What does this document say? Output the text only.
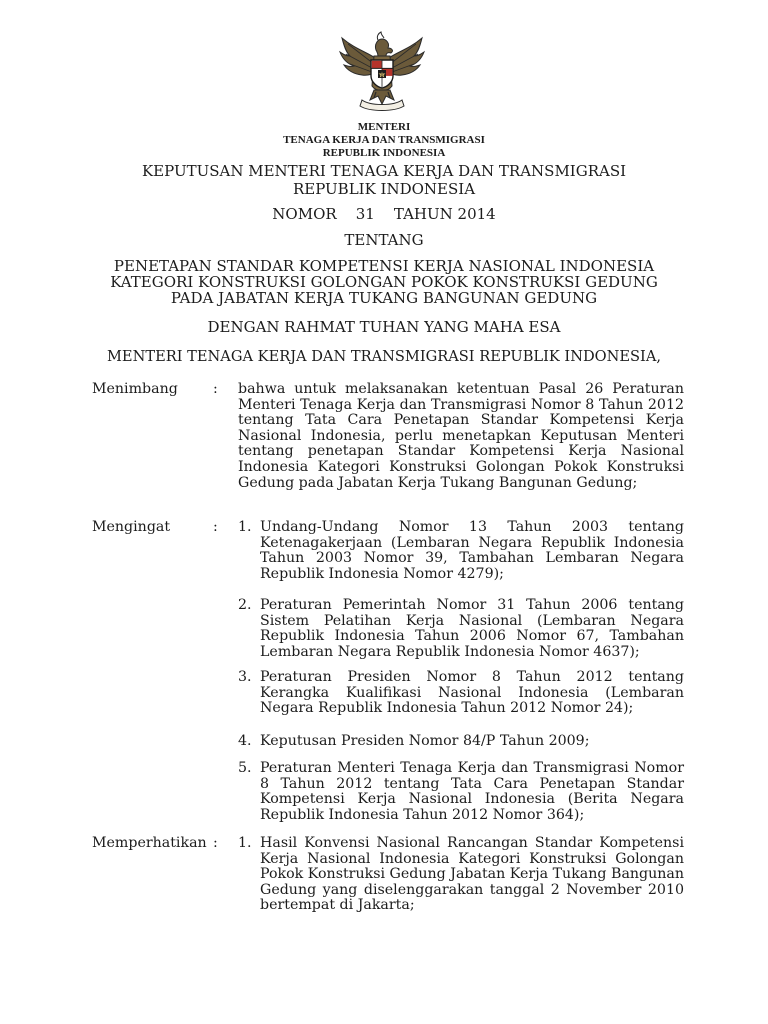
MENTERI
TENAGA KERJA DAN TRANSMIGRASI
REPUBLIK INDONESIA
KEPUTUSAN MENTERI TENAGA KERJA DAN TRANSMIGRASI
REPUBLIK INDONESIA
NOMOR 31 TAHUN 2014
TENTANG
PENETAPAN STANDAR KOMPETENSI KERJA NASIONAL INDONESIA
KATEGORI KONSTRUKSI GOLONGAN POKOK KONSTRUKSI GEDUNG
PADA JABATAN KERJA TUKANG BANGUNAN GEDUNG
DENGAN RAHMAT TUHAN YANG MAHA ESA
MENTERI TENAGA KERJA DAN TRANSMIGRASI REPUBLIK INDONESIA,
Menimbang : bahwa untuk melaksanakan ketentuan Pasal 26 Peraturan Menteri Tenaga Kerja dan Transmigrasi Nomor 8 Tahun 2012 tentang Tata Cara Penetapan Standar Kompetensi Kerja Nasional Indonesia, perlu menetapkan Keputusan Menteri tentang penetapan Standar Kompetensi Kerja Nasional Indonesia Kategori Konstruksi Golongan Pokok Konstruksi Gedung pada Jabatan Kerja Tukang Bangunan Gedung;
Mengingat	: 1. Undang-Undang Nomor 13 Tahun 2003 tentang Ketenagakerjaan (Lembaran Negara Republik Indonesia Tahun 2003 Nomor 39, Tambahan Lembaran Negara Republik Indonesia Nomor 4279);
2. Peraturan Pemerintah Nomor 31 Tahun 2006 tentang Sistem Pelatihan Kerja Nasional (Lembaran Negara Republik Indonesia Tahun 2006 Nomor 67, Tambahan Lembaran Negara Republik Indonesia Nomor 4637);
3. Peraturan Presiden Nomor 8 Tahun 2012 tentang Kerangka Kualifikasi Nasional Indonesia (Lembaran Negara Republik Indonesia Tahun 2012 Nomor 24);
4. Keputusan Presiden Nomor 84/P Tahun 2009;
5. Peraturan Menteri Tenaga Kerja dan Transmigrasi Nomor 8 Tahun 2012 tentang Tata Cara Penetapan Standar Kompetensi Kerja Nasional Indonesia (Berita Negara Republik Indonesia Tahun 2012 Nomor 364);
Memperhatikan : 1. Hasil Konvensi Nasional Rancangan Standar Kompetensi Kerja Nasional Indonesia Kategori Konstruksi Golongan Pokok Konstruksi Gedung Jabatan Kerja Tukang Bangunan Gedung yang diselenggarakan tanggal 2 November 2010 bertempat di Jakarta;
